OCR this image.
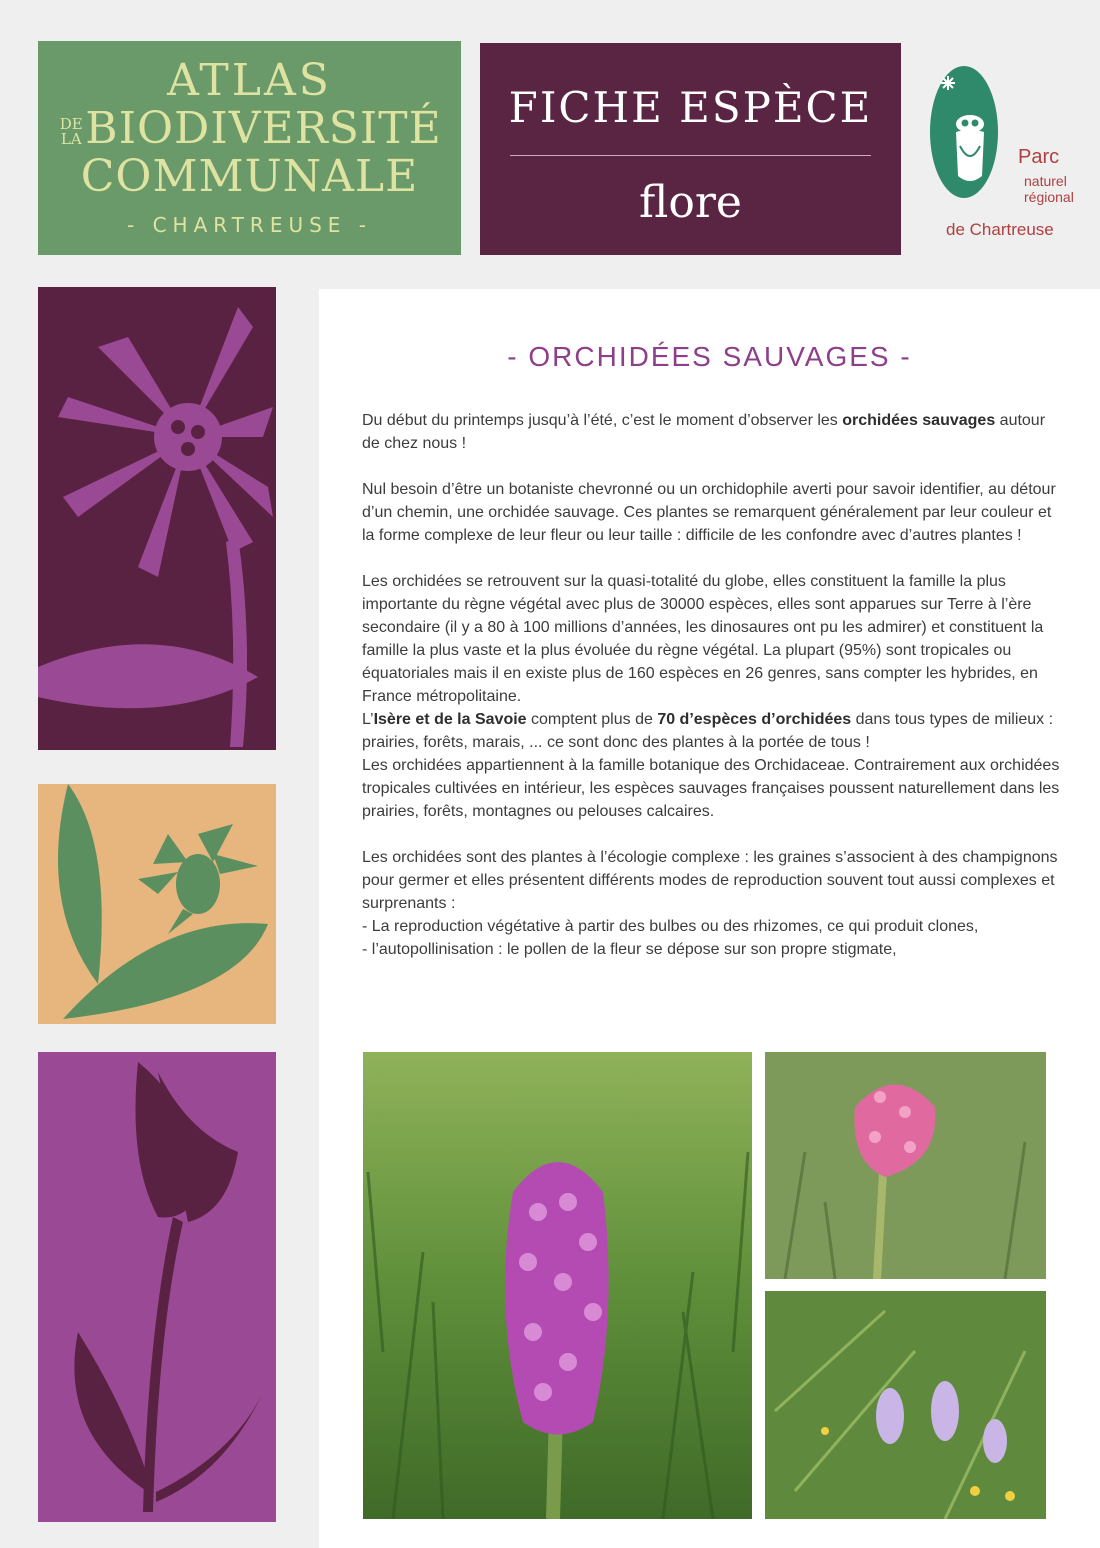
ATLAS
DE
LABIODIVERSITÉ
COMMUNALE
- CHARTREUSE -
FICHE ESPÈCE
flore
Parc
naturel
régional
de Chartreuse
- ORCHIDÉES SAUVAGES -

Du début du printemps jusqu’à l’été, c’est le moment d’observer les orchidées sauvages autour de chez nous !

Nul besoin d’être un botaniste chevronné ou un orchidophile averti pour savoir identifier, au détour d’un chemin, une orchidée sauvage. Ces plantes se remarquent généralement par leur couleur et la forme complexe de leur fleur ou leur taille : difficile de les confondre avec d’autres plantes !

Les orchidées se retrouvent sur la quasi-totalité du globe, elles constituent la famille la plus importante du règne végétal avec plus de 30000 espèces, elles sont apparues sur Terre à l’ère secondaire (il y a 80 à 100 millions d’années, les dinosaures ont pu les admirer) et constituent la famille la plus vaste et la plus évoluée du règne végétal. La plupart (95%) sont tropicales ou équatoriales mais il en existe plus de 160 espèces en 26 genres, sans compter les hybrides, en France métropolitaine.

L’Isère et de la Savoie comptent plus de 70 d’espèces d’orchidées dans tous types de milieux : prairies, forêts, marais, ... ce sont donc des plantes à la portée de tous !

Les orchidées appartiennent à la famille botanique des Orchidaceae. Contrairement aux orchidées tropicales cultivées en intérieur, les espèces sauvages françaises poussent naturellement dans les prairies, forêts, montagnes ou pelouses calcaires.

Les orchidées sont des plantes à l’écologie complexe : les graines s’associent à des champignons pour germer et elles présentent différents modes de reproduction souvent tout aussi complexes et surprenants :

- La reproduction végétative à partir des bulbes ou des rhizomes, ce qui produit clones,

- l’autopollinisation : le pollen de la fleur se dépose sur son propre stigmate,
